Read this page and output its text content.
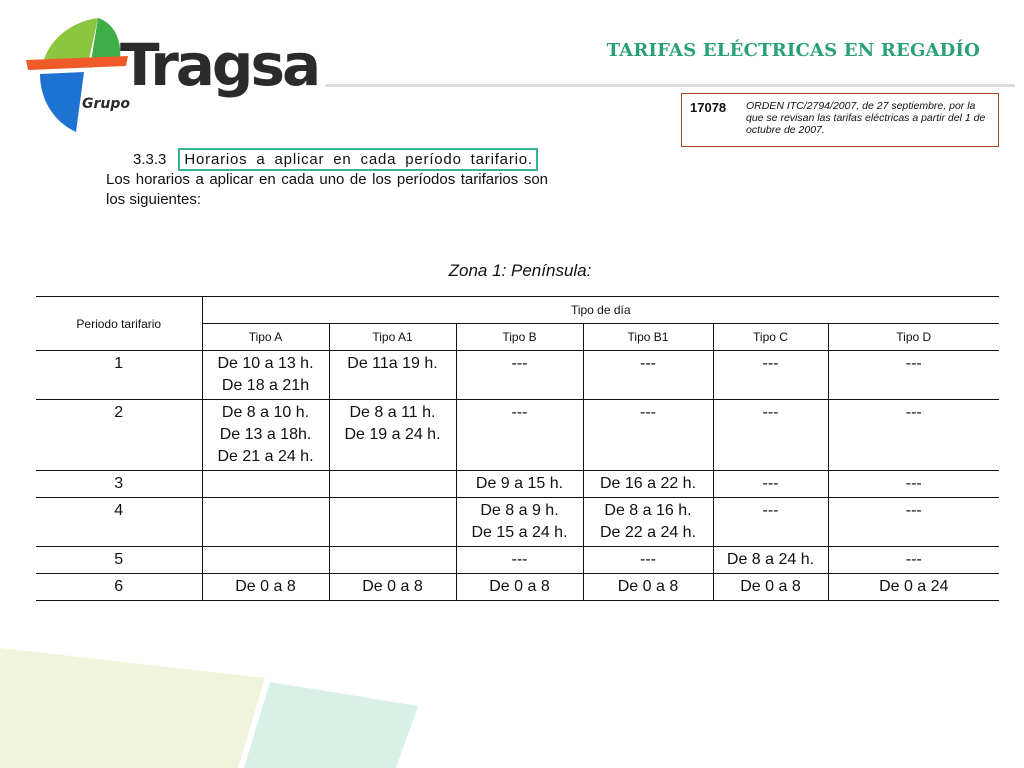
Tragsa
Grupo
TARIFAS ELÉCTRICAS EN REGADÍO
17078 ORDEN ITC/2794/2007, de 27 septiembre, por la que se revisan las tarifas eléctricas a partir del 1 de octubre de 2007.
3.3.3 Horarios a aplicar en cada período tarifario.
Los horarios a aplicar en cada uno de los períodos tarifarios son los siguientes:
Zona 1: Península:
Periodo tarifario	Tipo de día					
	Tipo A	Tipo A1	Tipo B	Tipo B1	Tipo C	Tipo D
1	De 10 a 13 h.
De 18 a 21h	De 11a 19 h.	---	---	---	---

2	De 8 a 10 h.
De 13 a 18h.
De 21 a 24 h.	De 8 a 11 h.
De 19 a 24 h.	---	---	---	---

3			De 9 a 15 h.	De 16 a 22 h.	---	---

4			De 8 a 9 h.
De 15 a 24 h.	De 8 a 16 h.
De 22 a 24 h.	---	---

5			---	---	De 8 a 24 h.	---

6	De 0 a 8	De 0 a 8	De 0 a 8	De 0 a 8	De 0 a 8	De 0 a 24
